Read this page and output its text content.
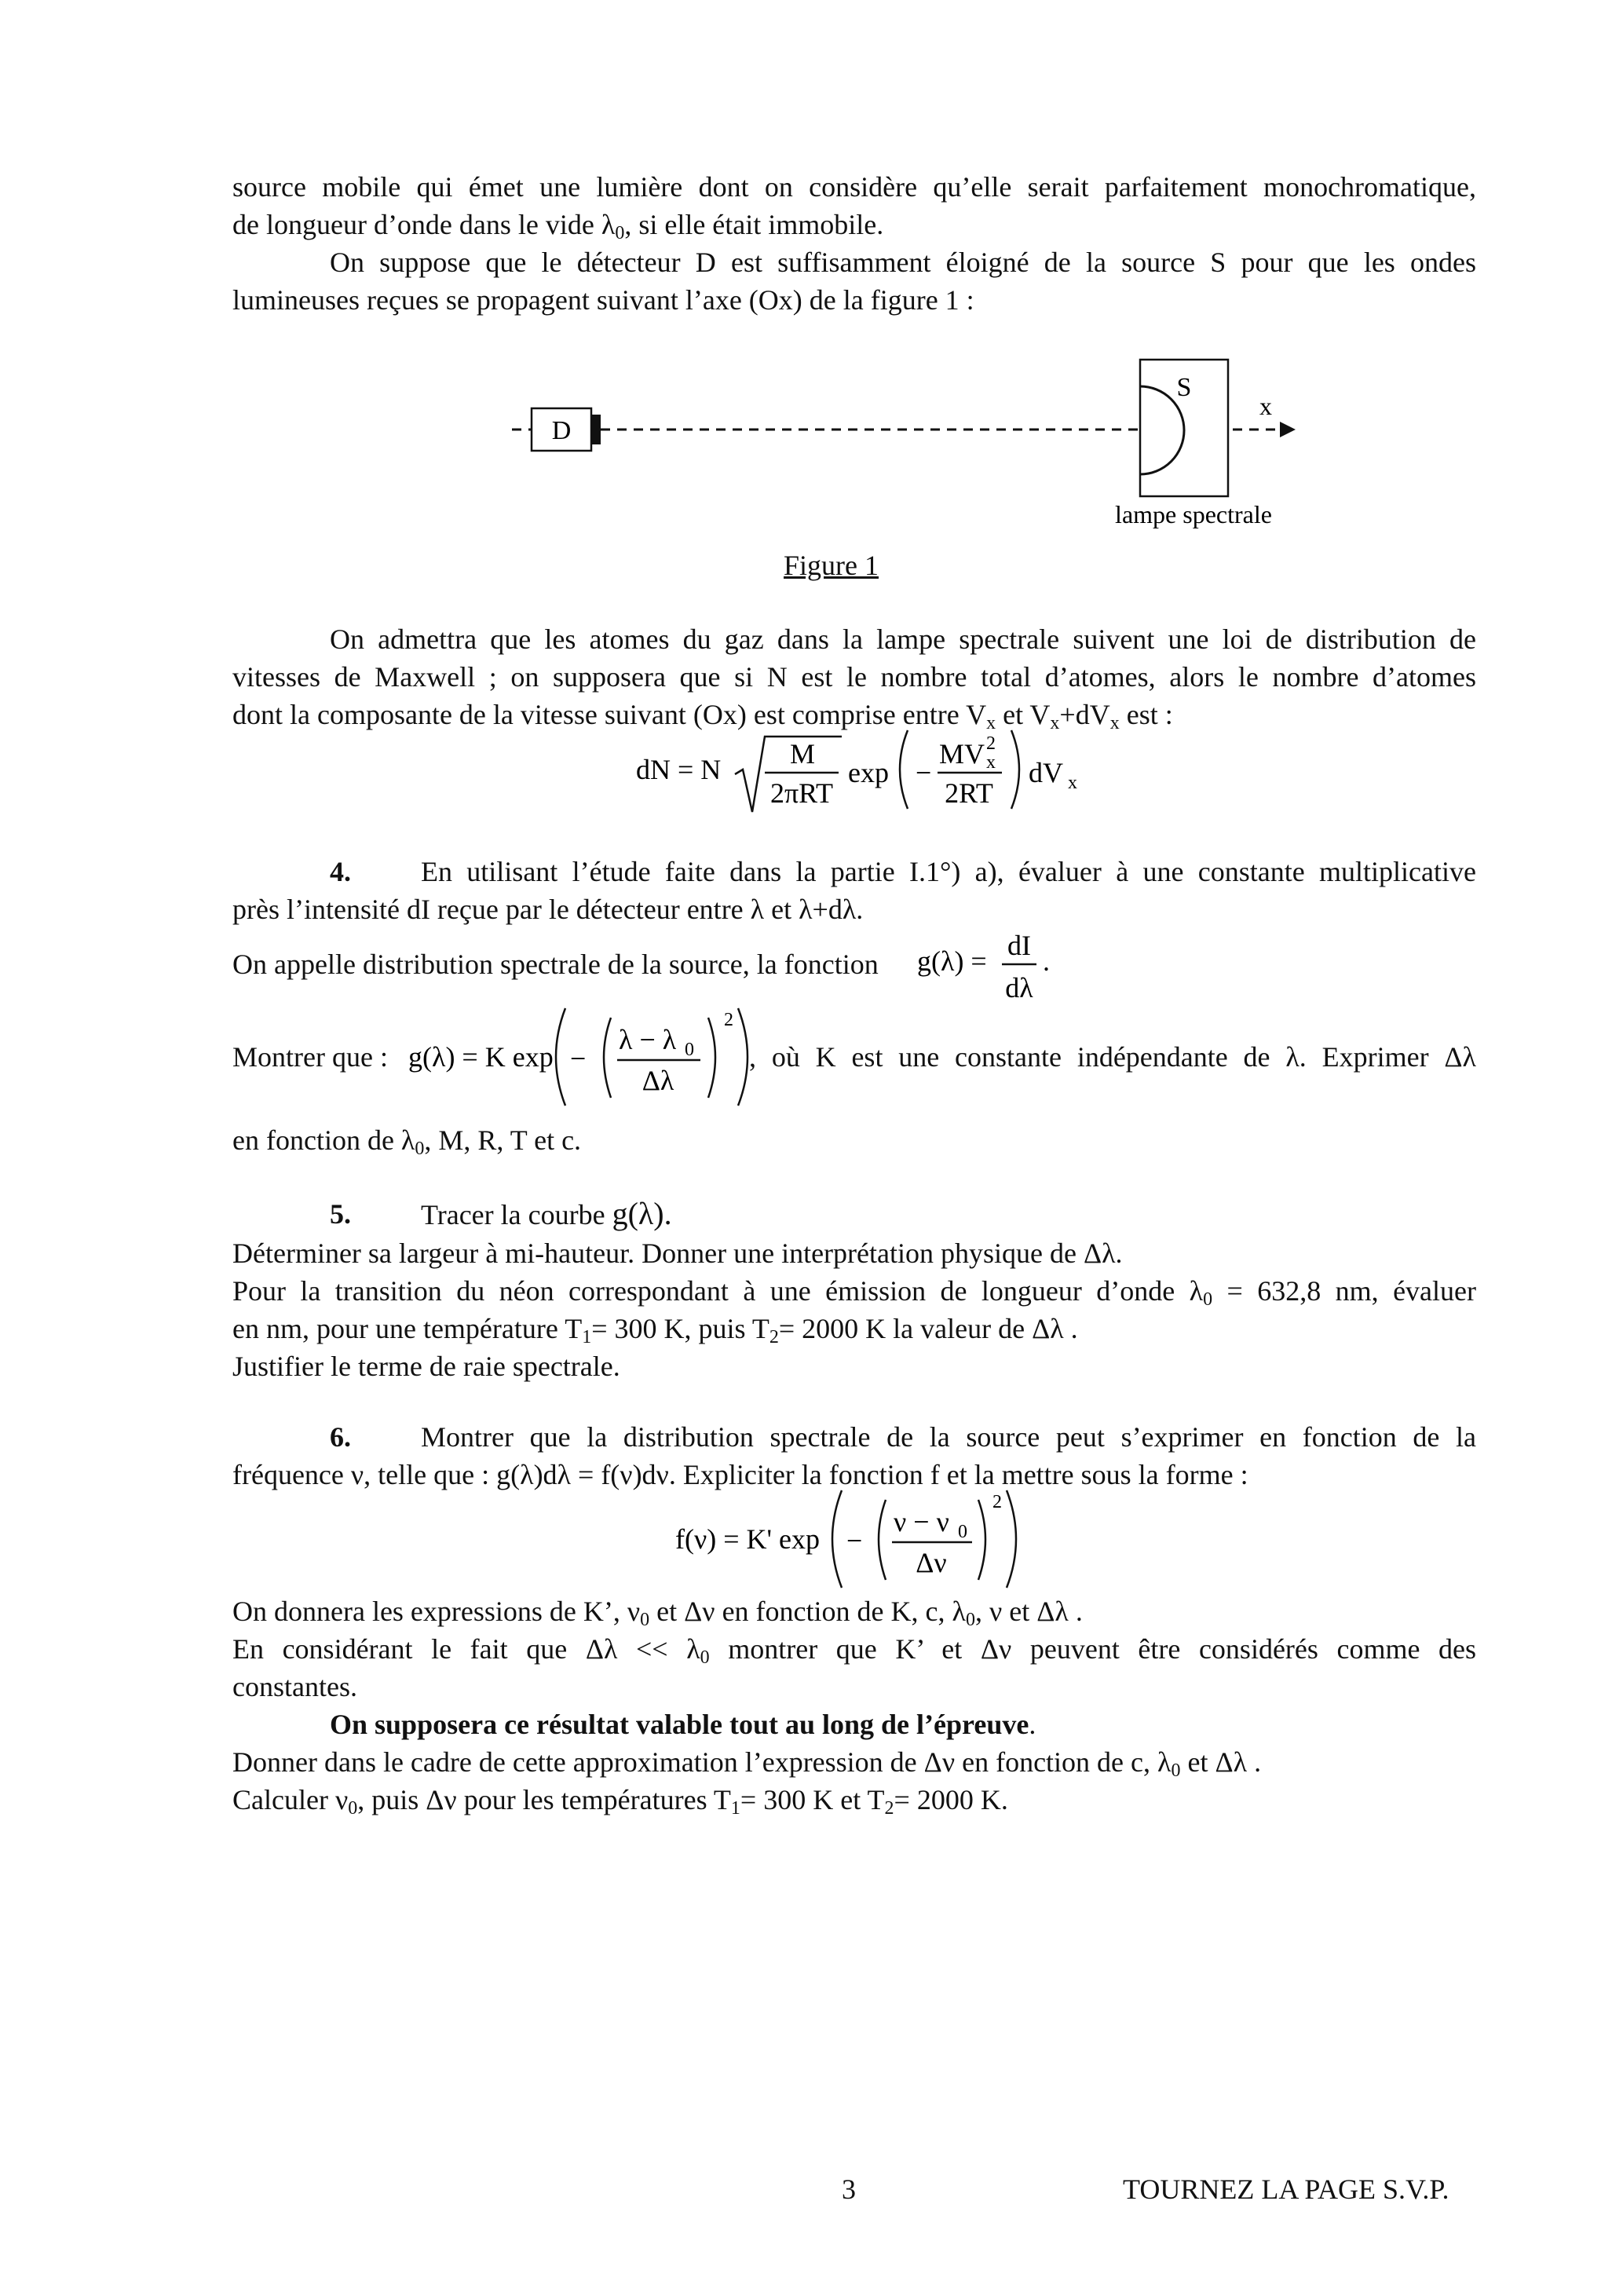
source mobile qui émet une lumière dont on considère qu’elle serait parfaitement monochromatique,
de longueur d’onde dans le vide $\lambda_0$, si elle était immobile.
On suppose que le détecteur D est suffisamment éloigné de la source S pour que les ondes
lumineuses reçues se propagent suivant l’axe (Ox) de la figure 1 :
D
S
x
lampe spectrale
Figure 1
On admettra que les atomes du gaz dans la lampe spectrale suivent une loi de distribution de
vitesses de Maxwell ; on supposera que si N est le nombre total d’atomes, alors le nombre d’atomes
dont la composante de la vitesse suivant (Ox) est comprise entre $V_x$ et $V_x+dV_x$ est :
dN = N M
2πRT
exp −
MV 2
x
2RT
dV x
4.	En utilisant l’étude faite dans la partie I.1°) a), évaluer à une constante multiplicative
près l’intensité dI reçue par le détecteur entre λ et λ+dλ.
On appelle distribution spectrale de la source, la fonction g(λ) = dI
dλ
.
Montrer que : g(λ) = K exp −
λ − λ 0
Δλ
2
, où K est une constante indépendante de λ. Exprimer Δλ
en fonction de $\lambda_0$, M, R, T et c.
5. Tracer la courbe g(λ).
Déterminer sa largeur à mi-hauteur. Donner une interprétation physique de Δλ.
Pour la transition du néon correspondant à une émission de longueur d’onde $\lambda_0 = 632,8$ nm, évaluer
en nm, pour une température $T_1= 300$ K, puis $T_2= 2000$ K la valeur de Δλ .
Justifier le terme de raie spectrale.
6.	Montrer que la distribution spectrale de la source peut s’exprimer en fonction de la
fréquence ν, telle que : g(λ)dλ = f(ν)dν. Expliciter la fonction f et la mettre sous la forme :
f(ν) = K' exp −
ν − ν 0
Δν
2
On donnera les expressions de K’, $\nu_0$ et Δν en fonction de K, c, $\lambda_0$, ν et Δλ .
En considérant le fait que $\Delta\lambda << \lambda_0$ montrer que K’ et Δν peuvent être considérés comme des
constantes.
On supposera ce résultat valable tout au long de l’épreuve.
Donner dans le cadre de cette approximation l’expression de Δν en fonction de c, $\lambda_0$ et Δλ .
Calculer $\nu_0$, puis Δν pour les températures $T_1= 300$ K et $T_2= 2000$ K.
3	TOURNEZ LA PAGE S.V.P.
